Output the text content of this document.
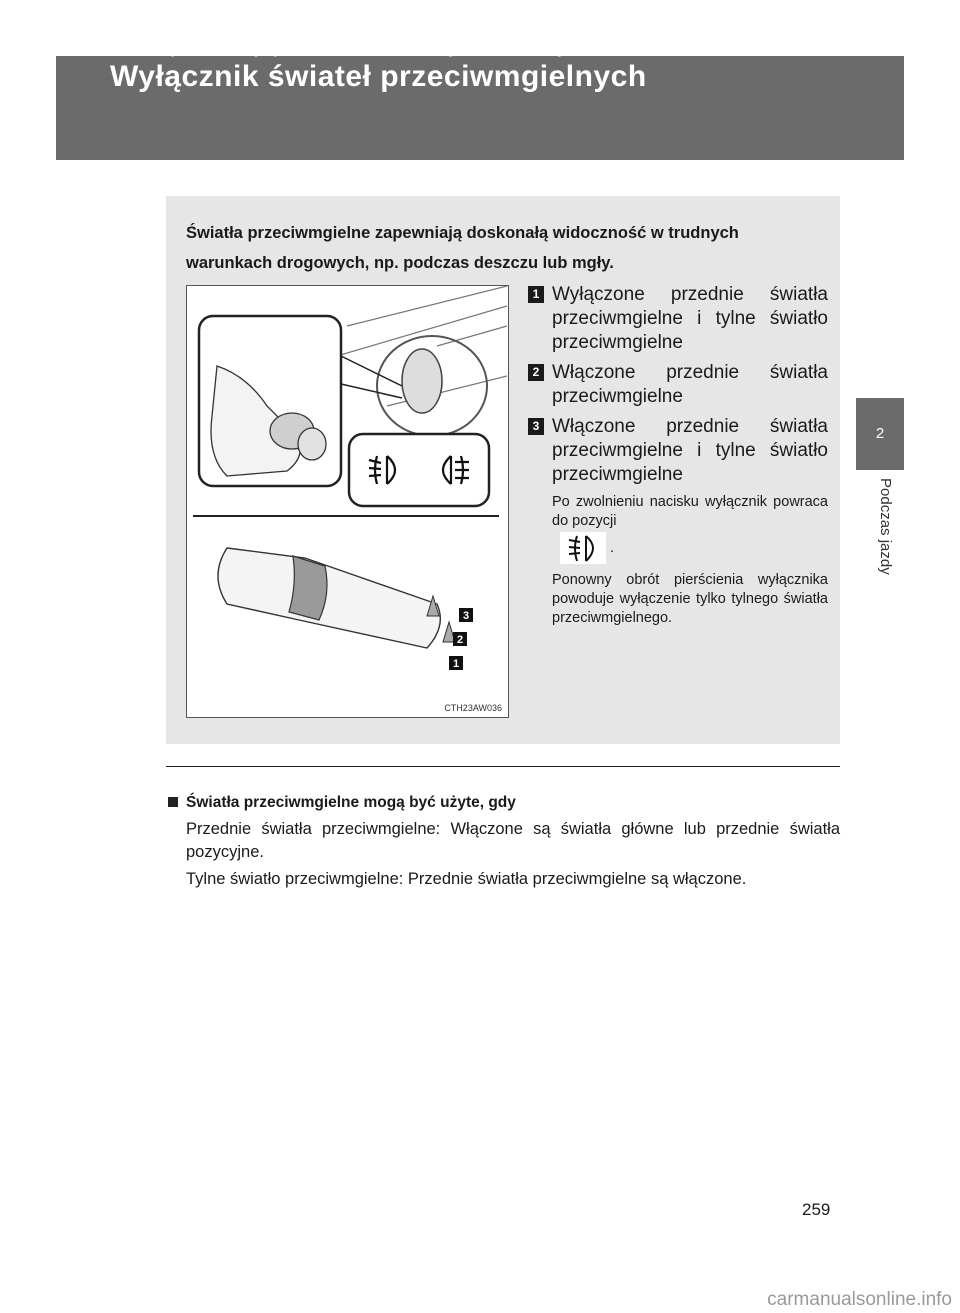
2-3. Włączanie i wyłączanie świateł oraz wycieraczek szyb
Wyłącznik świateł przeciwmgielnych
2
Podczas jazdy
Światła przeciwmgielne zapewniają doskonałą widoczność w trudnych warunkach drogowych, np. podczas deszczu lub mgły.
3
2
1
CTH23AW036
1 Wyłączone przednie światła przeciwmgielne i tylne światło przeciwmgielne
2 Włączone przednie światła przeciwmgielne
3 Włączone przednie światła przeciwmgielne i tylne światło przeciwmgielne
Po zwolnieniu nacisku wyłącznik powraca do pozycji
.
Ponowny obrót pierścienia wyłącznika powoduje wyłączenie tylko tylnego światła przeciwmgielnego.
Światła przeciwmgielne mogą być użyte, gdy

Przednie światła przeciwmgielne: Włączone są światła główne lub przednie światła pozycyjne.

Tylne światło przeciwmgielne: Przednie światła przeciwmgielne są włączone.

259
carmanualsonline.info
